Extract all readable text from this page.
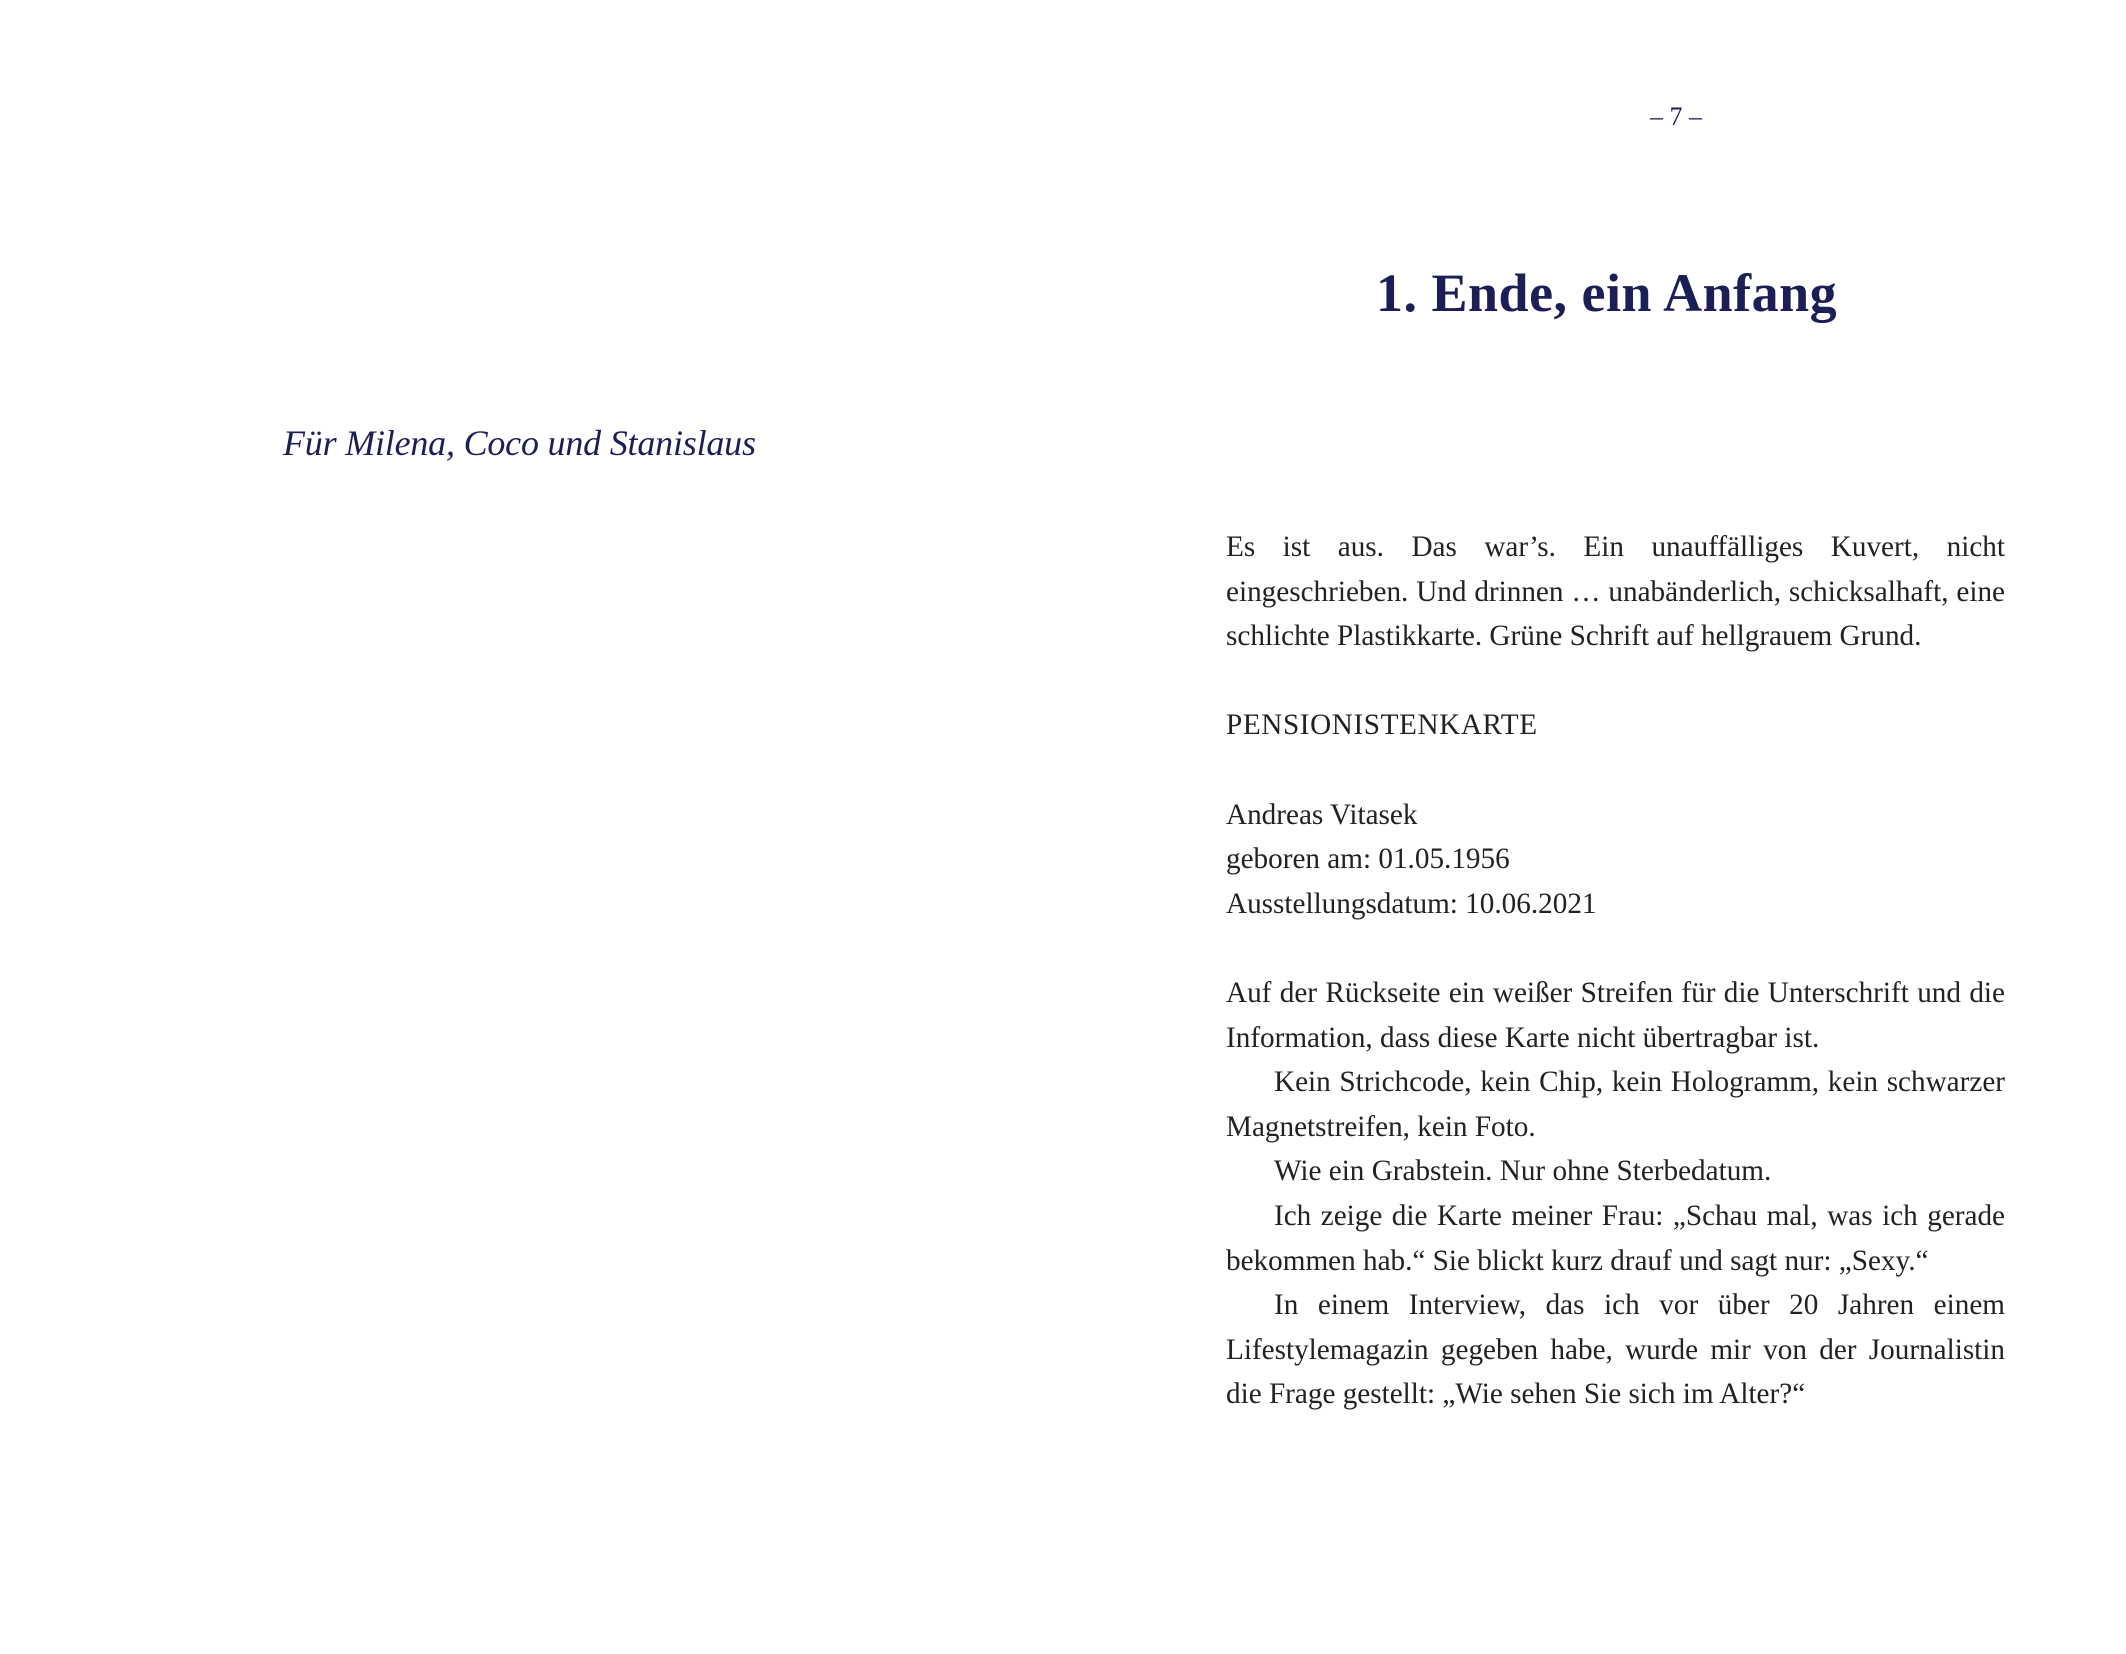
Für Milena, Coco und Stanislaus
– 7 –
1. Ende, ein Anfang

Es ist aus. Das war’s. Ein unauffälliges Kuvert, nicht eingeschrieben. Und drinnen … unabänderlich, schicksalhaft, eine schlichte Plastikkarte. Grüne Schrift auf hellgrauem Grund.

PENSIONISTENKARTE

Andreas Vitasek

geboren am: 01.05.1956

Ausstellungsdatum: 10.06.2021

Auf der Rückseite ein weißer Streifen für die Unterschrift und die Information, dass diese Karte nicht übertragbar ist.

Kein Strichcode, kein Chip, kein Hologramm, kein schwarzer Magnetstreifen, kein Foto.

Wie ein Grabstein. Nur ohne Sterbedatum.

Ich zeige die Karte meiner Frau: „Schau mal, was ich gerade bekommen hab.“ Sie blickt kurz drauf und sagt nur: „Sexy.“

In einem Interview, das ich vor über 20 Jahren einem Lifestylemagazin gegeben habe, wurde mir von der Journalistin die Frage gestellt: „Wie sehen Sie sich im Alter?“
